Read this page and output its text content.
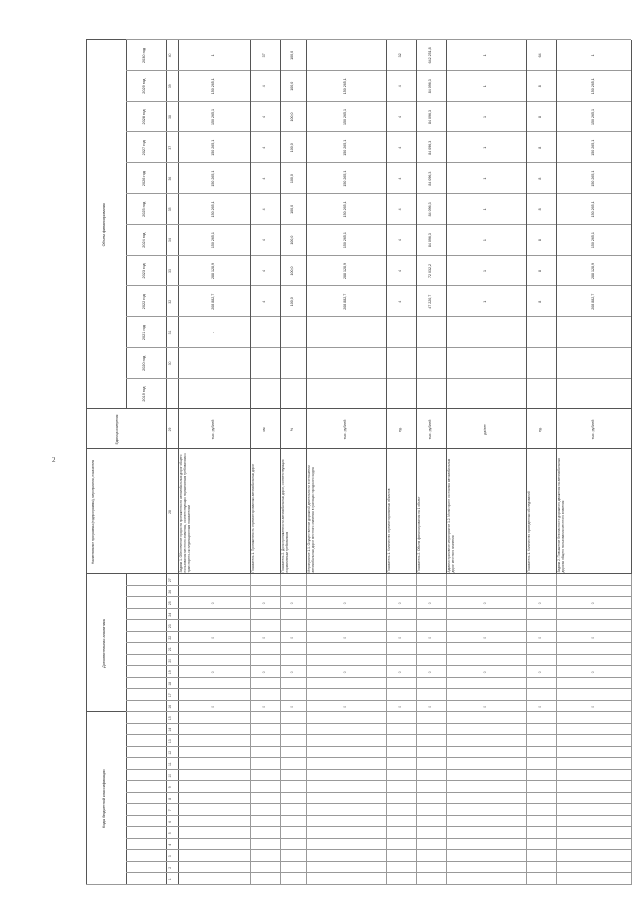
2
Коды бюджетной классификации
Дополнительная аналитика
Объем финансирования
Наименование программы (подпрограммы), мероприятия, показателя
Единица измерения
2019 год
2020 год
2021 год
2022 год
2023 год
2024 год
2025 год
2026 год
2027 год
2028 год
2029 год
2030 год
1
2
3
4
5
6
7
8
9
10
11
12
13
14
15
16
17
18
19
20
21
22
23
24
25
26
27
28
29
30
31
32
33
34
35
36
37
38
39
40
Задача 1. Обеспечение прироста протяженности автомобильных дорог общего пользования местного значения, соответствующих нормативным требованиям к транспортно-эксплуатационным показателям
тыс. рублей
0
0
0
0
-
208 882,7
288 128,9
150 265,1
150 265,1
150 265,1
150 265,1
150 265,1
150 265,1
1
Показатель 1. Протяженность отремонтированных автомобильных дорог
км
0
0
0
0
4
4
4
4
4
4
4
4
37
Показатель 2. Доля протяженности автомобильных дорог, соответствующих нормативным требованиям
%
0
0
0
0
100,0
100,0
100,0
100,0
100,0
100,0
100,0
100,0
100,0
Мероприятие 1.1. Осуществление дорожной деятельности в отношении автомобильных дорог местного значения в границах городского округа
тыс. рублей
0
0
0
0
208 882,7
288 128,9
150 265,1
150 265,1
150 265,1
150 265,1
150 265,1
150 265,1
Показатель 1. Количество отремонтированных объектов
ед.
0
0
0
0
4
4
4
4
4
4
4
4
32
Показатель 2. Объем финансирования на 1 объект
тыс. рублей
0
0
0
0
47 220,7
72 032,2
84 096,3
84 096,3
84 096,3
84 096,3
84 096,3
84 096,3
642 251,8
Административное мероприятие 1.2. Мониторинг состояния автомобильных дорог местного значения
да/нет
0
0
0
0
1
1
1
1
1
1
1
1
1
Показатель 1. Количество проведенных обследований
ед.
0
0
0
0
8
8
8
8
8
8
8
8
64
Задача 2. Повышение безопасности дорожного движения на автомобильных дорогах общего пользования местного значения
тыс. рублей
0
0
0
0
208 882,7
288 128,9
150 265,1
150 265,1
150 265,1
150 265,1
150 265,1
150 265,1
1
